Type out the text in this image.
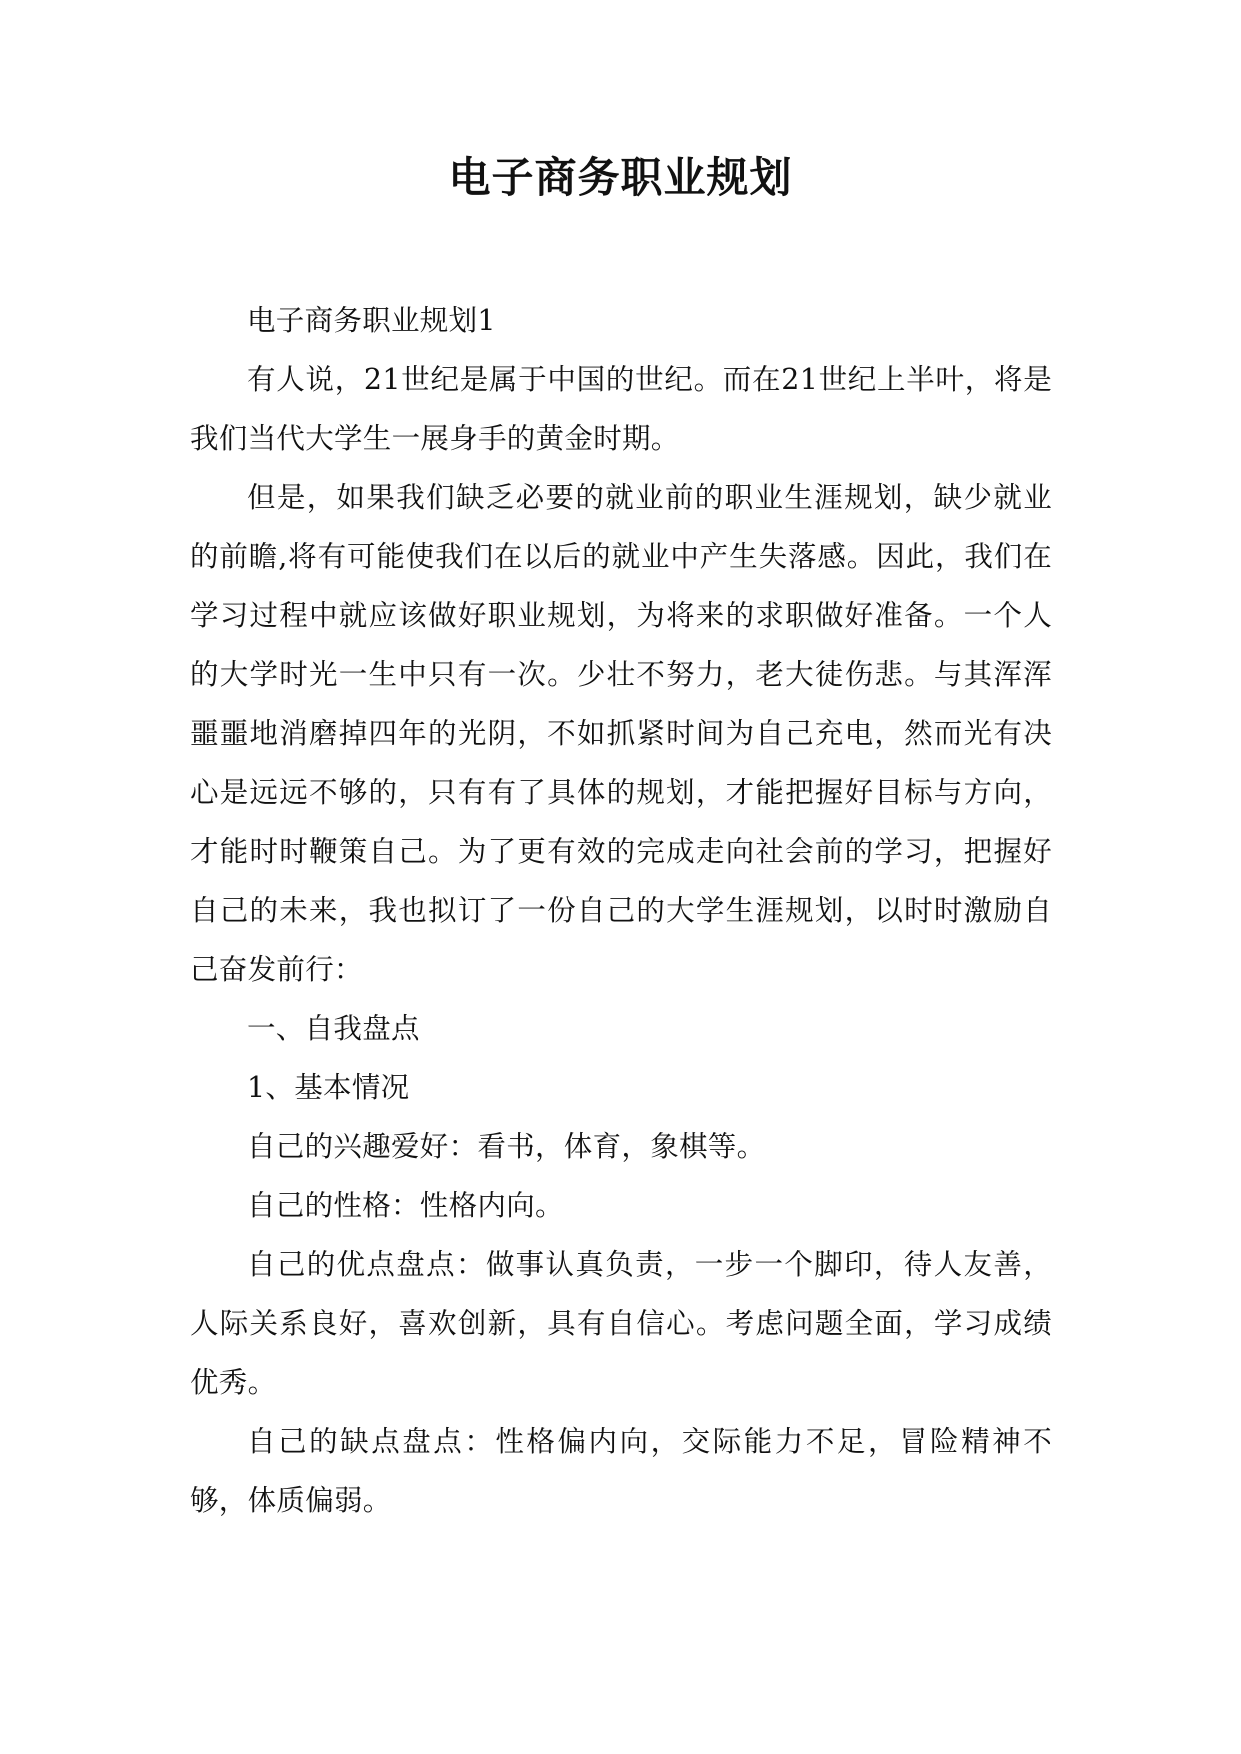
电子商务职业规划

电子商务职业规划1

有人说，21世纪是属于中国的世纪。而在21世纪上半叶，将是我们当代大学生一展身手的黄金时期。

但是，如果我们缺乏必要的就业前的职业生涯规划，缺少就业的前瞻,将有可能使我们在以后的就业中产生失落感。因此，我们在学习过程中就应该做好职业规划，为将来的求职做好准备。一个人的大学时光一生中只有一次。少壮不努力，老大徒伤悲。与其浑浑噩噩地消磨掉四年的光阴，不如抓紧时间为自己充电，然而光有决心是远远不够的，只有有了具体的规划，才能把握好目标与方向，才能时时鞭策自己。为了更有效的完成走向社会前的学习，把握好自己的未来，我也拟订了一份自己的大学生涯规划，以时时激励自己奋发前行：

一、自我盘点

1、基本情况

自己的兴趣爱好：看书，体育，象棋等。

自己的性格：性格内向。

自己的优点盘点：做事认真负责，一步一个脚印，待人友善，人际关系良好，喜欢创新，具有自信心。考虑问题全面，学习成绩优秀。

自己的缺点盘点：性格偏内向，交际能力不足，冒险精神不够，体质偏弱。
